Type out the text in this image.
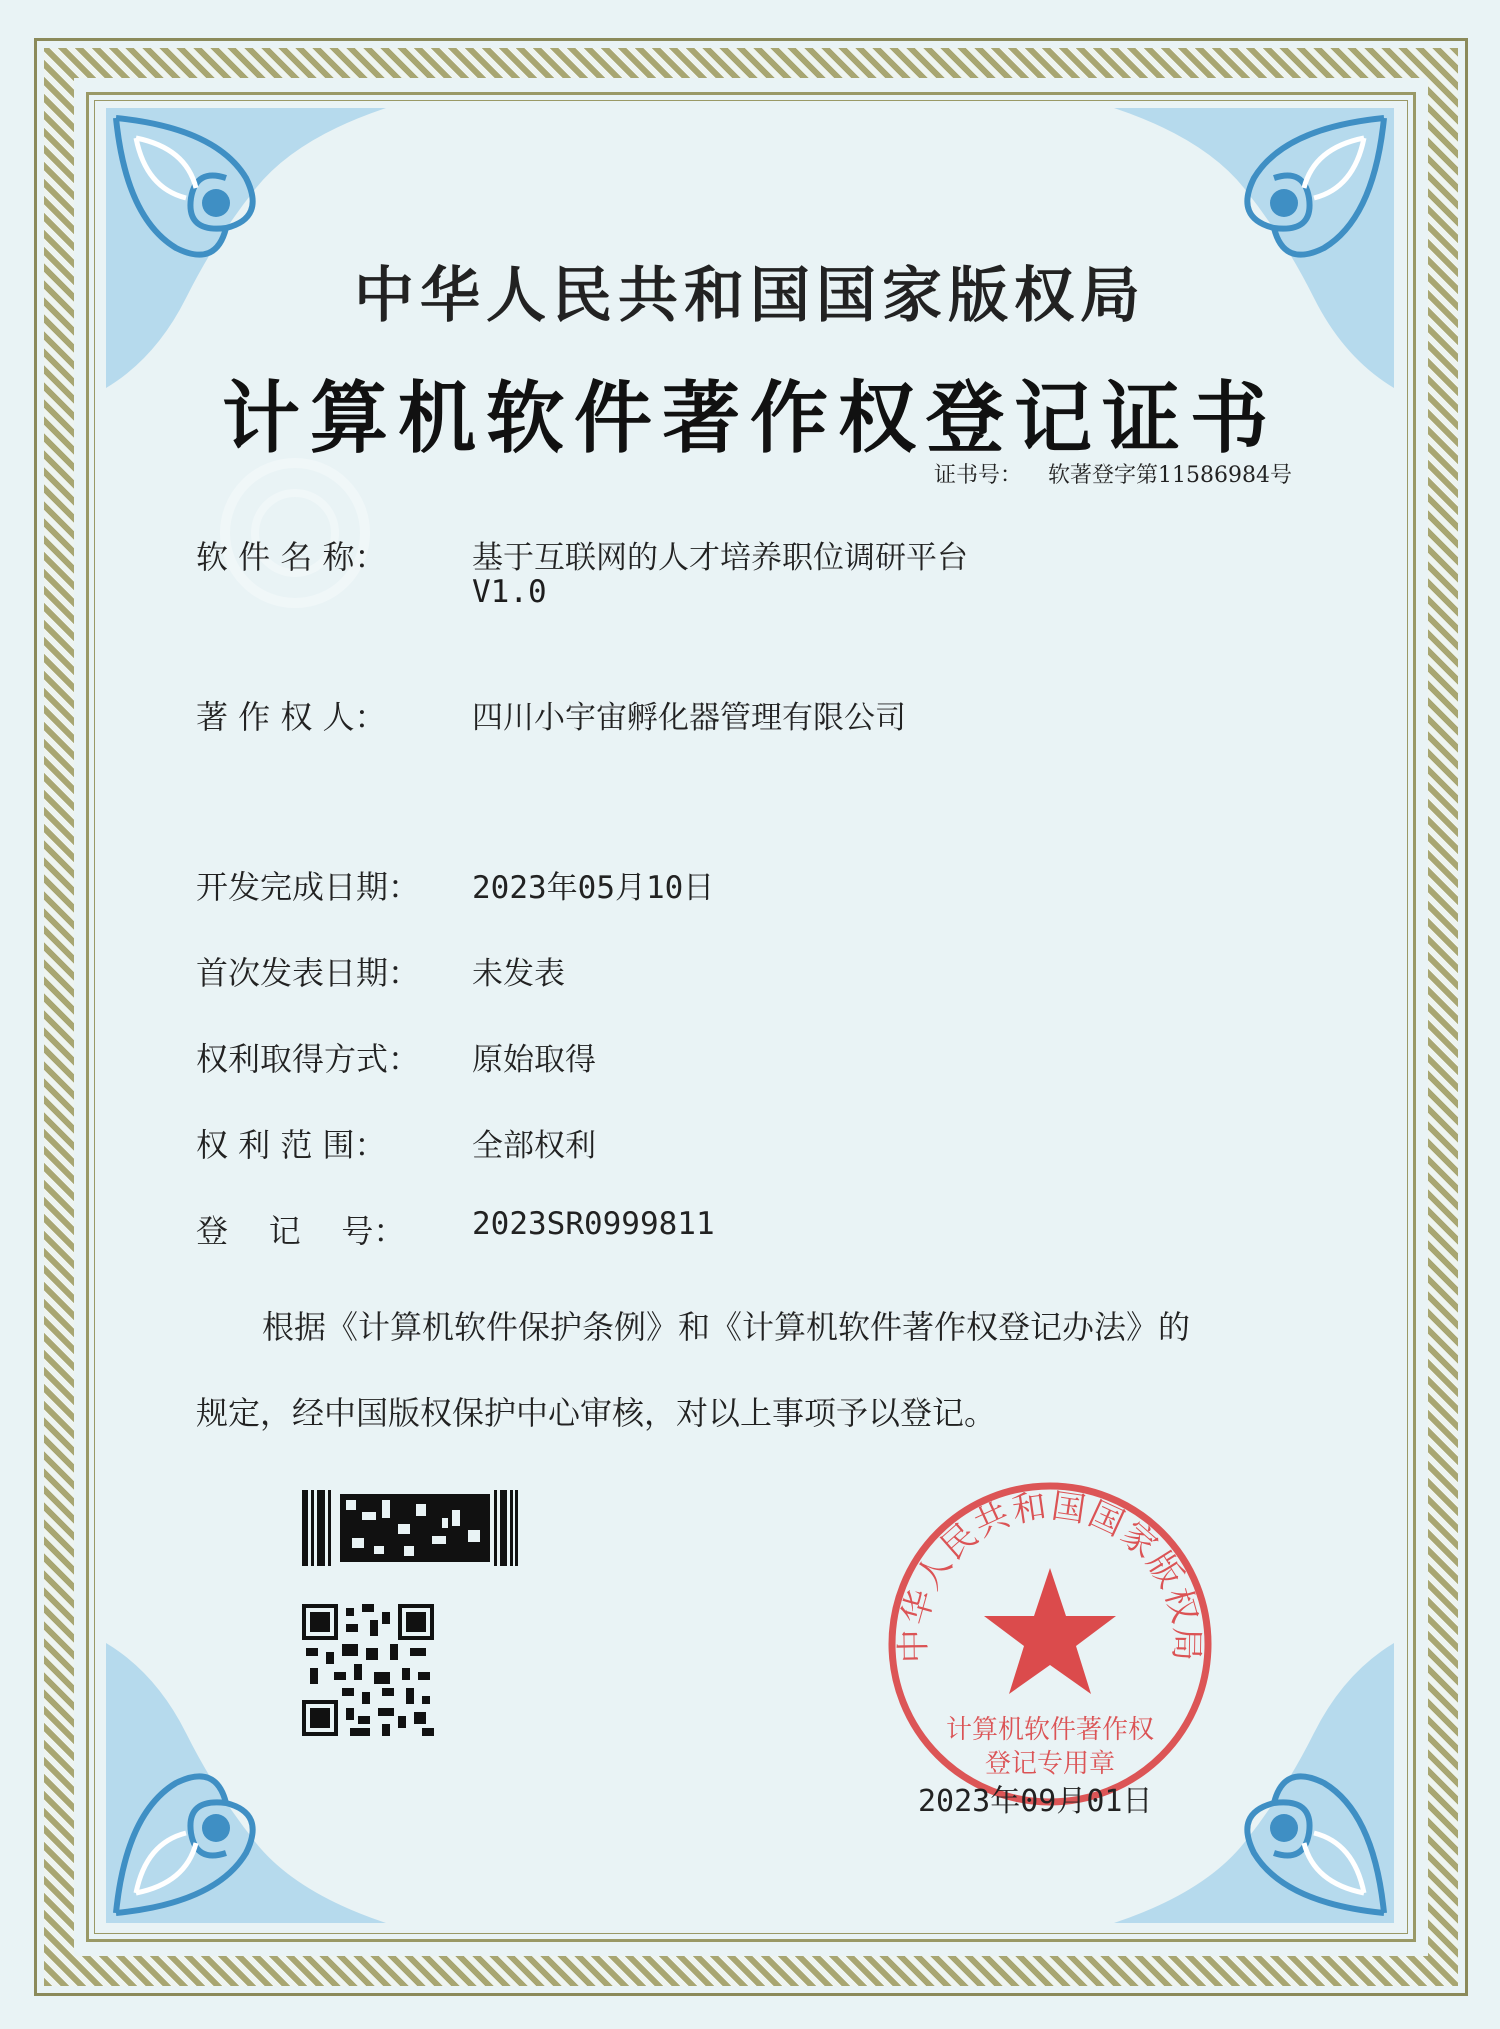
中华人民共和国国家版权局
计算机软件著作权登记证书
证书号： 软著登字第11586984号
软 件 名 称：	基于互联网的人才培养职位调研平台
V1.0
著 作 权 人：	四川小宇宙孵化器管理有限公司
开发完成日期： 2023年05月10日
首次发表日期： 未发表
权利取得方式： 原始取得
权 利 范 围：	全部权利
登    记    号： 2023SR0999811
根据《计算机软件保护条例》和《计算机软件著作权登记办法》的
规定，经中国版权保护中心审核，对以上事项予以登记。
中华人民共和国国家版权局
计算机软件著作权
登记专用章
2023年09月01日
